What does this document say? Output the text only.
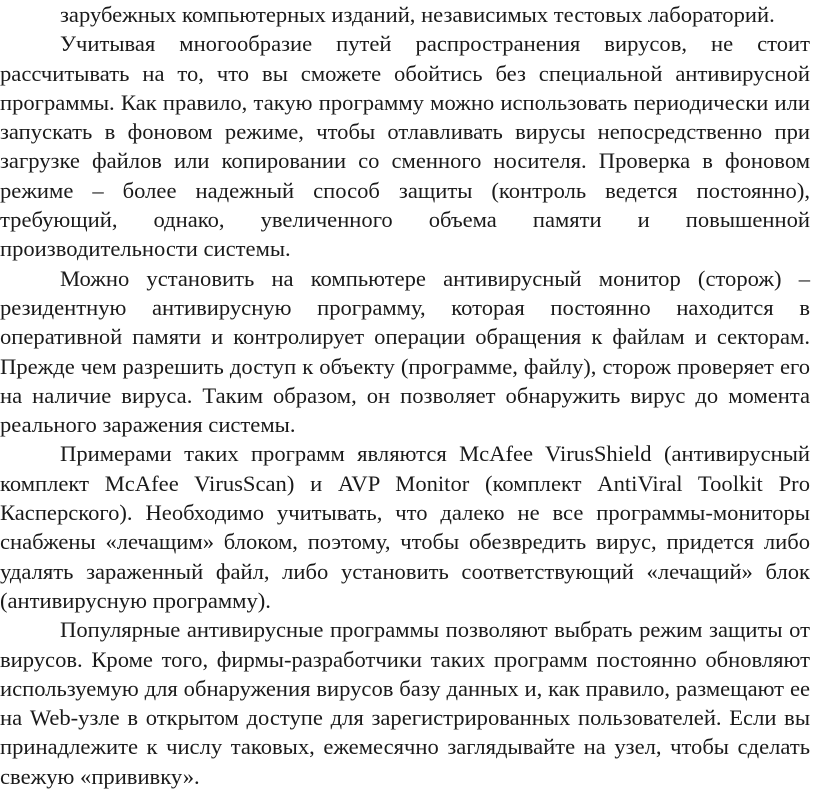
зарубежных компьютерных изданий, независимых тестовых лабораторий.

Учитывая многообразие путей распространения вирусов, не стоит рассчитывать на то, что вы сможете обойтись без специальной антивирусной программы. Как правило, такую программу можно использовать периодически или запускать в фоновом режиме, чтобы отлавливать вирусы непосредственно при загрузке файлов или копировании со сменного носителя. Проверка в фоновом режиме – более надежный способ защиты (контроль ведется постоянно), требующий, однако, увеличенного объема памяти и повышенной производительности системы.

Можно установить на компьютере антивирусный монитор (сторож) – резидентную антивирусную программу, которая постоянно находится в оперативной памяти и контролирует операции обращения к файлам и секторам. Прежде чем разрешить доступ к объекту (программе, файлу), сторож проверяет его на наличие вируса. Таким образом, он позволяет обнаружить вирус до момента реального заражения системы.

Примерами таких программ являются McAfee VirusShield (антивирусный комплект McAfee VirusScan) и AVP Monitor (комплект AntiViral Toolkit Pro Касперского). Необходимо учитывать, что далеко не все программы-мониторы снабжены «лечащим» блоком, поэтому, чтобы обезвредить вирус, придется либо удалять зараженный файл, либо установить соответствующий «лечащий» блок (антивирусную программу).

Популярные антивирусные программы позволяют выбрать режим защиты от вирусов. Кроме того, фирмы-разработчики таких программ постоянно обновляют используемую для обнаружения вирусов базу данных и, как правило, размещают ее на Web-узле в открытом доступе для зарегистрированных пользователей. Если вы принадлежите к числу таковых, ежемесячно заглядывайте на узел, чтобы сделать свежую «прививку».
